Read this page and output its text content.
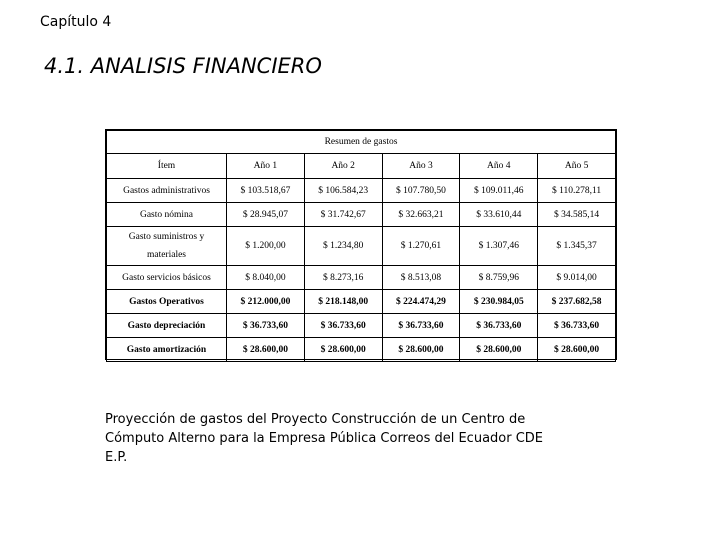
Capítulo 4
4.1. ANALISIS FINANCIERO
Resumen de gastos					
Ítem	Año 1	Año 2	Año 3	Año 4	Año 5
Gastos administrativos	$ 103.518,67	$ 106.584,23	$ 107.780,50	$ 109.011,46	$ 110.278,11
Gasto nómina	$ 28.945,07	$ 31.742,67	$ 32.663,21	$ 33.610,44	$ 34.585,14
Gasto suministros y materiales	$ 1.200,00	$ 1.234,80	$ 1.270,61	$ 1.307,46	$ 1.345,37
Gasto servicios básicos	$ 8.040,00	$ 8.273,16	$ 8.513,08	$ 8.759,96	$ 9.014,00
Gastos Operativos	$ 212.000,00	$ 218.148,00	$ 224.474,29	$ 230.984,05	$ 237.682,58
Gasto depreciación	$ 36.733,60	$ 36.733,60	$ 36.733,60	$ 36.733,60	$ 36.733,60
Gasto amortización	$ 28.600,00	$ 28.600,00	$ 28.600,00	$ 28.600,00	$ 28.600,00
Proyección de gastos del Proyecto Construcción de un Centro de Cómputo Alterno para la Empresa Pública Correos del Ecuador CDE E.P.
